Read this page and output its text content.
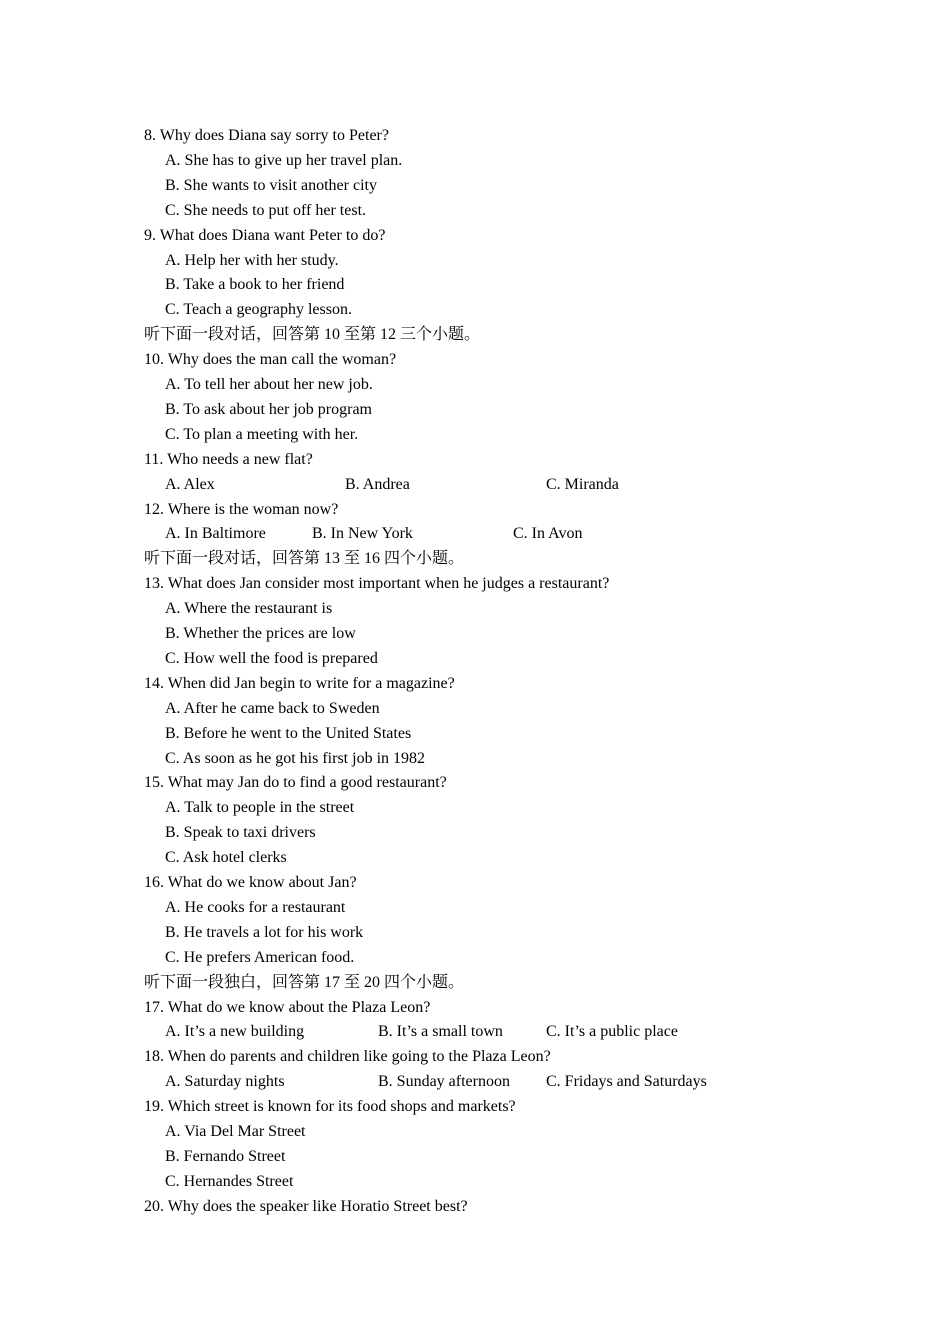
8. Why does Diana say sorry to Peter?
A. She has to give up her travel plan.
B. She wants to visit another city
C. She needs to put off her test.
9. What does Diana want Peter to do?
A. Help her with her study.
B. Take a book to her friend
C. Teach a geography lesson.
听下面一段对话，回答第 10 至第 12 三个小题。
10. Why does the man call the woman?
A. To tell her about her new job.
B. To ask about her job program
C. To plan a meeting with her.
11. Who needs a new flat?
A. Alex	B. Andrea	C. Miranda
12. Where is the woman now?
A. In Baltimore	B. In New York	C. In Avon
听下面一段对话，回答第 13 至 16 四个小题。
13. What does Jan consider most important when he judges a restaurant?
A. Where the restaurant is
B. Whether the prices are low
C. How well the food is prepared
14. When did Jan begin to write for a magazine?
A. After he came back to Sweden
B. Before he went to the United States
C. As soon as he got his first job in 1982
15. What may Jan do to find a good restaurant?
A. Talk to people in the street
B. Speak to taxi drivers
C. Ask hotel clerks
16. What do we know about Jan?
A. He cooks for a restaurant
B. He travels a lot for his work
C. He prefers American food.
听下面一段独白，回答第 17 至 20 四个小题。
17. What do we know about the Plaza Leon?
A. It’s a new building	B. It’s a small town	C. It’s a public place
18. When do parents and children like going to the Plaza Leon?
A. Saturday nights	B. Sunday afternoon C. Fridays and Saturdays
19. Which street is known for its food shops and markets?
A. Via Del Mar Street
B. Fernando Street
C. Hernandes Street
20. Why does the speaker like Horatio Street best?
